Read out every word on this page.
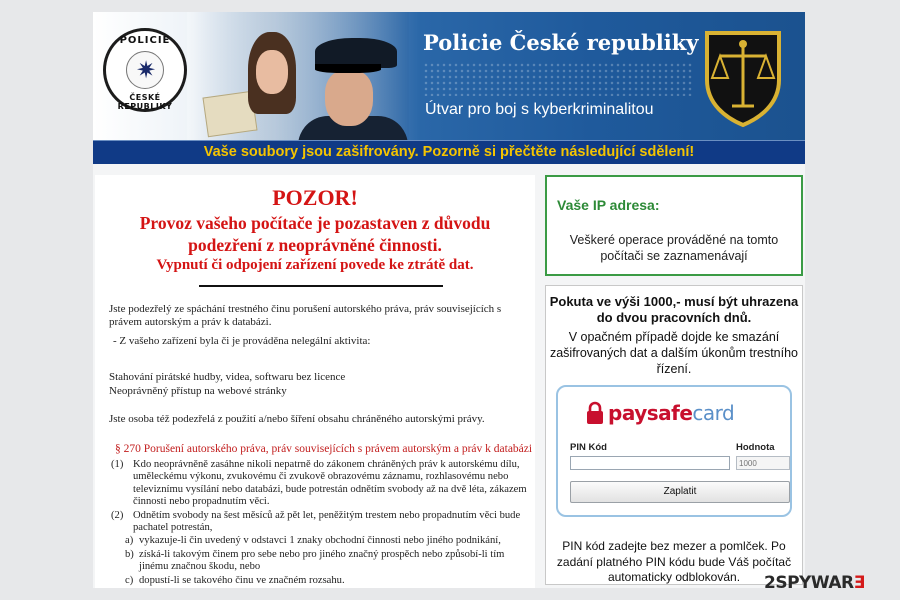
POLICIE
✷
ČESKÉ REPUBLIKY
Policie České republiky
Útvar pro boj s kyberkriminalitou
Vaše soubory jsou zašifrovány. Pozorně si přečtěte následující sdělení!
POZOR!
Provoz vašeho počítače je pozastaven z důvodu
podezření z neoprávněné činnosti.
Vypnutí či odpojení zařízení povede ke ztrátě dat.
Jste podezřelý ze spáchání trestného činu porušení autorského práva, práv souvisejících s právem autorským a práv k databázi.
- Z vašeho zařízení byla či je prováděna nelegální aktivita:
Stahování pirátské hudby, videa, softwaru bez licence
Neoprávněný přístup na webové stránky
Jste osoba též podezřelá z použití a/nebo šíření obsahu chráněného autorskými právy.
§ 270 Porušení autorského práva, práv souvisejících s právem autorským a práv k databázi
(1) Kdo neoprávněně zasáhne nikoli nepatrně do zákonem chráněných práv k autorskému dílu, uměleckému výkonu, zvukovému či zvukově obrazovému záznamu, rozhlasovému nebo televiznímu vysílání nebo databázi, bude potrestán odnětím svobody až na dvě léta, zákazem činnosti nebo propadnutím věci.
(2) Odnětím svobody na šest měsíců až pět let, peněžitým trestem nebo propadnutím věci bude pachatel potrestán,
a) vykazuje-li čin uvedený v odstavci 1 znaky obchodní činnosti nebo jiného podnikání,
b) získá-li takovým činem pro sebe nebo pro jiného značný prospěch nebo způsobí-li tím jinému značnou škodu, nebo
c) dopustí-li se takového činu ve značném rozsahu.
Vaše IP adresa:
Veškeré operace prováděné na tomto počítači se zaznamenávají
Pokuta ve výši 1000,- musí být uhrazena do dvou pracovních dnů.
V opačném případě dojde ke smazání zašifrovaných dat a dalším úkonům trestního řízení.
paysafecard
PIN Kód	Hodnota
1000
Zaplatit
PIN kód zadejte bez mezer a pomlček. Po zadání platného PIN kódu bude Váš počítač automaticky odblokován.	2SPYWARƎ
